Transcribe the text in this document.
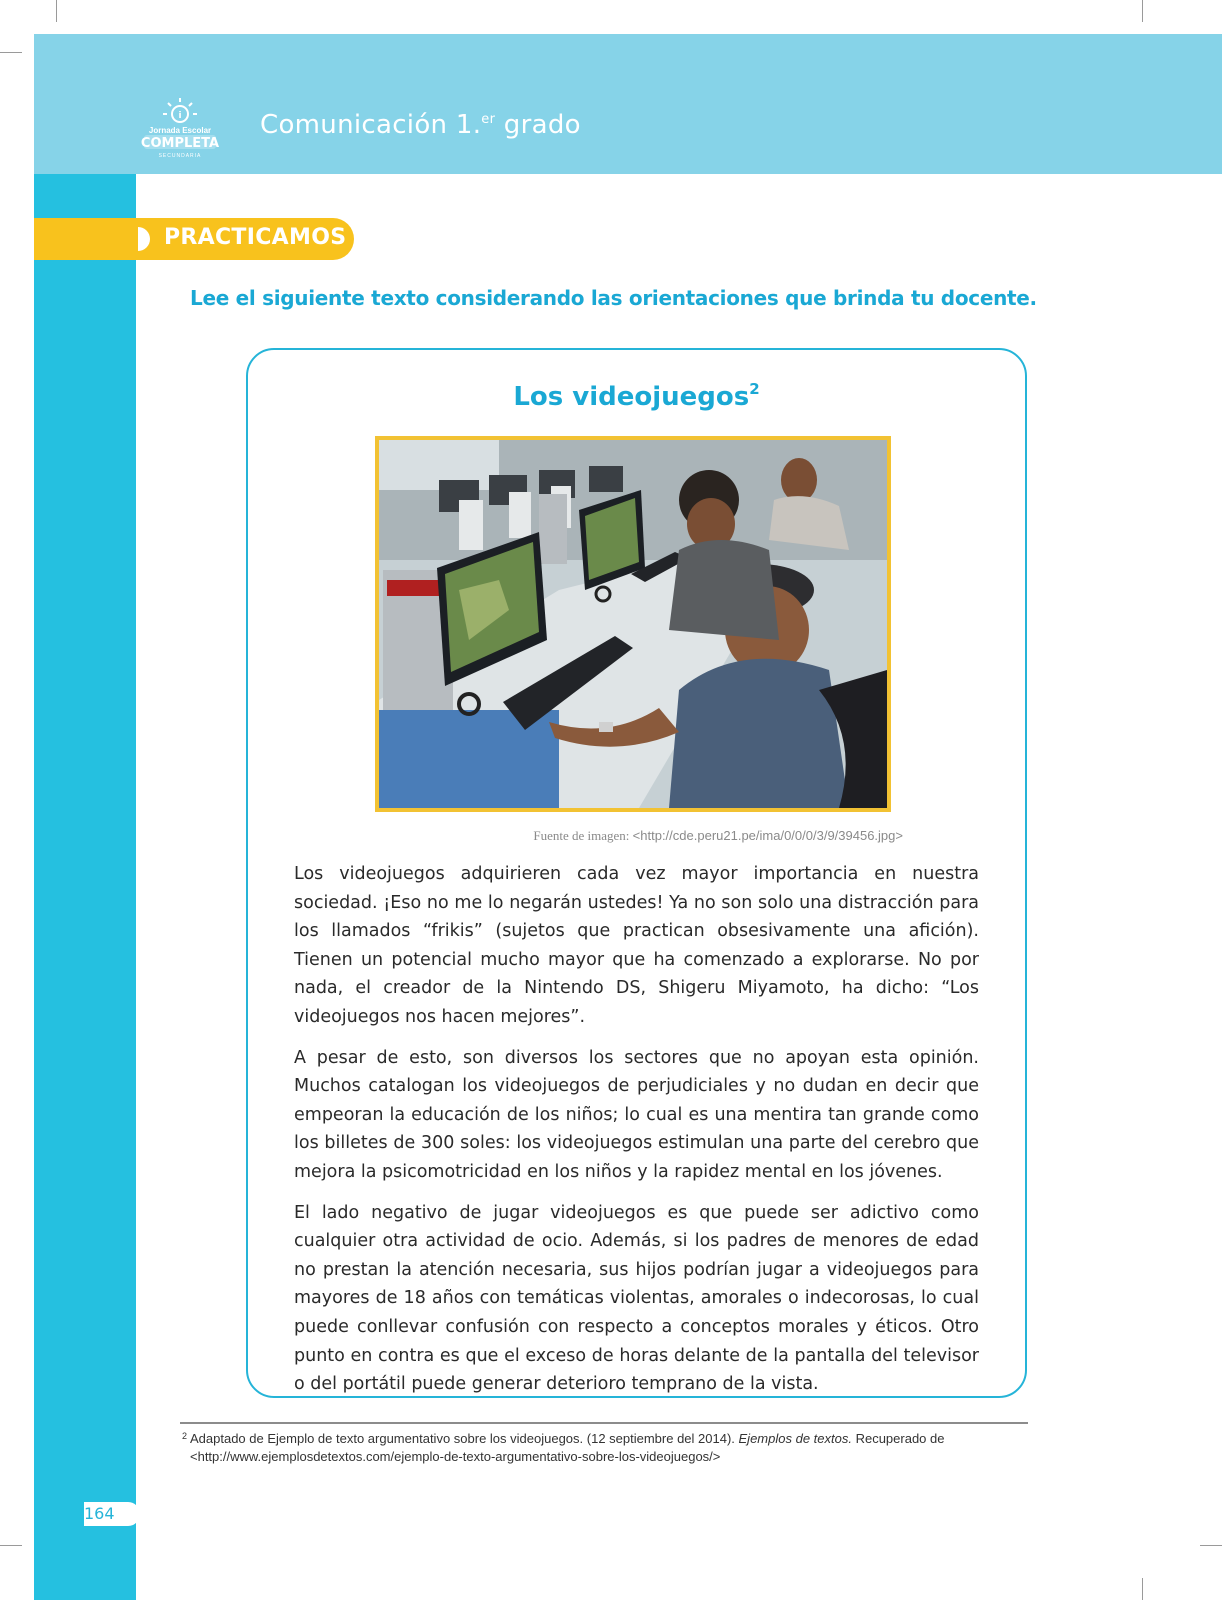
i
Jornada Escolar
COMPLETA
SECUNDARIA
Comunicación 1.$^{er}$ grado
PRACTICAMOS
Lee el siguiente texto considerando las orientaciones que brinda tu docente.
Los videojuegos$^2$
Fuente de imagen: <http://cde.peru21.pe/ima/0/0/0/3/9/39456.jpg>

Los videojuegos adquirieren cada vez mayor importancia en nuestra sociedad. ¡Eso no me lo negarán ustedes! Ya no son solo una distracción para los llamados “frikis” (sujetos que practican obsesivamente una afición). Tienen un potencial mucho mayor que ha comenzado a explorarse. No por nada, el creador de la Nintendo DS, Shigeru Miyamoto, ha dicho: “Los videojuegos nos hacen mejores”.

A pesar de esto, son diversos los sectores que no apoyan esta opinión. Muchos catalogan los videojuegos de perjudiciales y no dudan en decir que empeoran la educación de los niños; lo cual es una mentira tan grande como los billetes de 300 soles: los videojuegos estimulan una parte del cerebro que mejora la psicomotricidad en los niños y la rapidez mental en los jóvenes.

El lado negativo de jugar videojuegos es que puede ser adictivo como cualquier otra actividad de ocio. Además, si los padres de menores de edad no prestan la atención necesaria, sus hijos podrían jugar a videojuegos para mayores de 18 años con temáticas violentas, amorales o indecorosas, lo cual puede conllevar confusión con respecto a conceptos morales y éticos. Otro punto en contra es que el exceso de horas delante de la pantalla del televisor o del portátil puede generar deterioro temprano de la vista.

2 Adaptado de Ejemplo de texto argumentativo sobre los videojuegos. (12 septiembre del 2014). Ejemplos de textos. Recuperado de <http://www.ejemplosdetextos.com/ejemplo-de-texto-argumentativo-sobre-los-videojuegos/>
164
